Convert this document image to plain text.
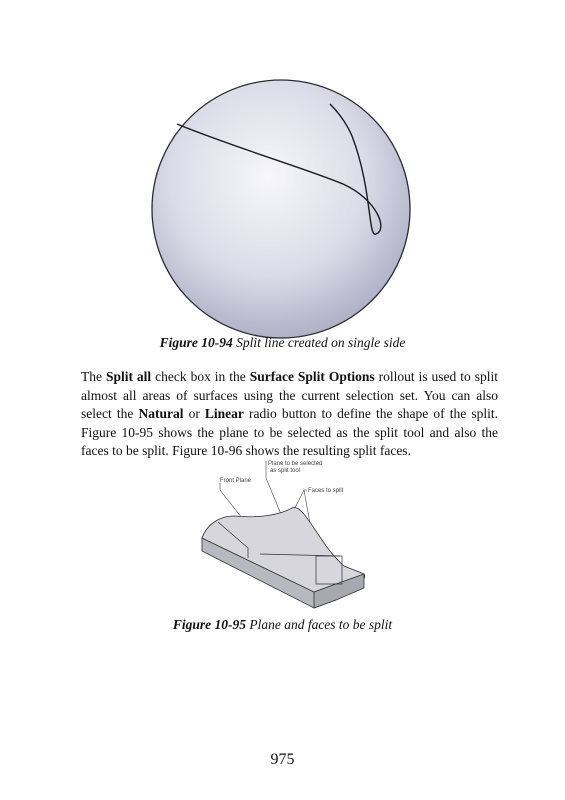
Figure 10-94 Split line created on single side
The Split all check box in the Surface Split Options rollout is used to split almost all areas of surfaces using the current selection set. You can also select the Natural or Linear radio button to define the shape of the split. Figure 10-95 shows the plane to be selected as the split tool and also the faces to be split. Figure 10-96 shows the resulting split faces.
Plane to be selected
as split tool
Front Plane
Faces to split
Figure 10-95 Plane and faces to be split
975
